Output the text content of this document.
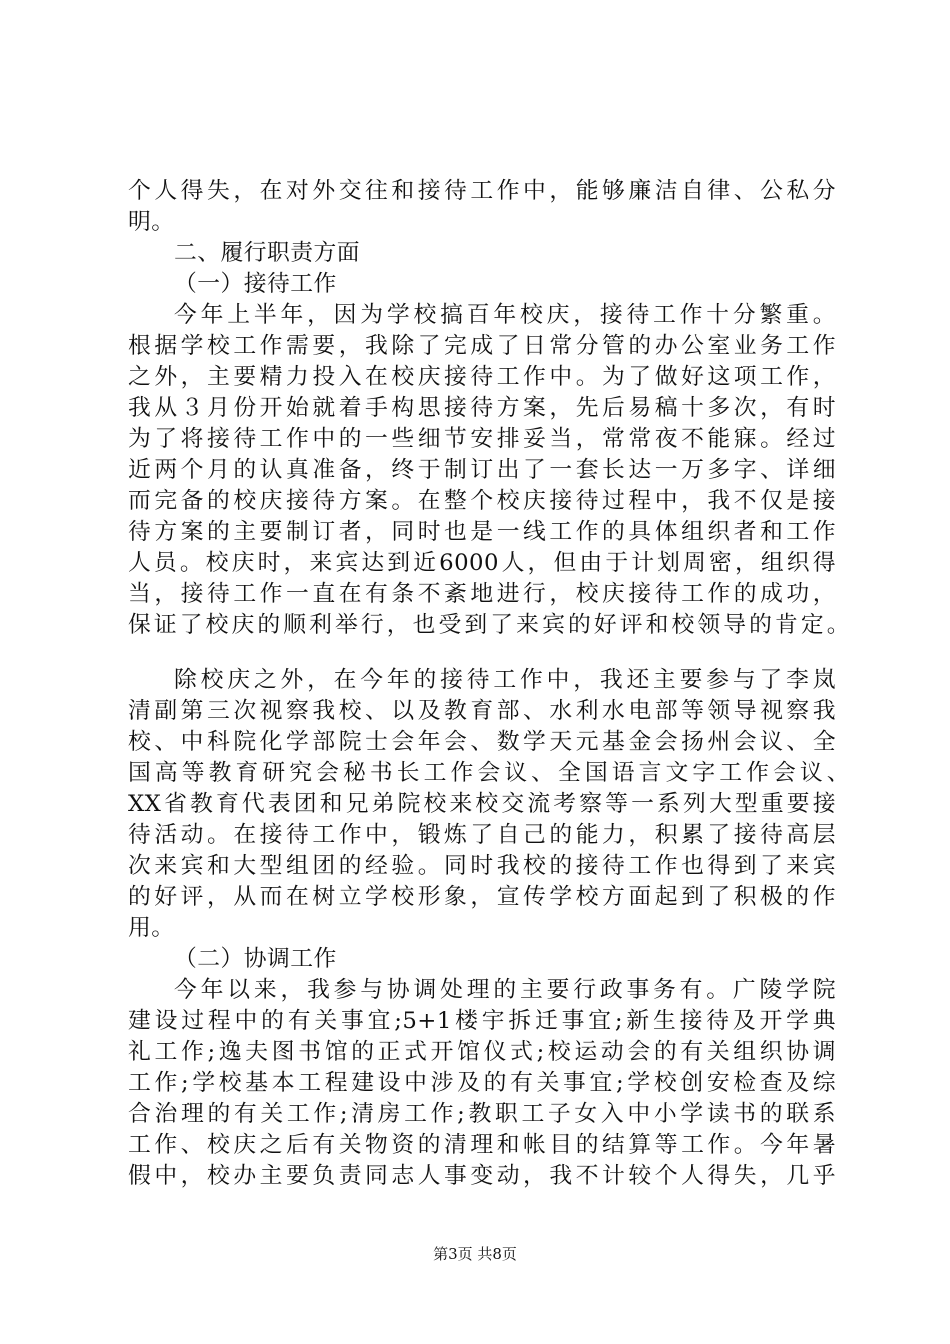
个人得失，在对外交往和接待工作中，能够廉洁自律、公私分
明。
二、履行职责方面
（一）接待工作
今年上半年，因为学校搞百年校庆，接待工作十分繁重。
根据学校工作需要，我除了完成了日常分管的办公室业务工作
之外，主要精力投入在校庆接待工作中。为了做好这项工作，
我从３月份开始就着手构思接待方案，先后易稿十多次，有时
为了将接待工作中的一些细节安排妥当，常常夜不能寐。经过
近两个月的认真准备，终于制订出了一套长达一万多字、详细
而完备的校庆接待方案。在整个校庆接待过程中，我不仅是接
待方案的主要制订者，同时也是一线工作的具体组织者和工作
人员。校庆时，来宾达到近6000人，但由于计划周密，组织得
当，接待工作一直在有条不紊地进行，校庆接待工作的成功，
保证了校庆的顺利举行，也受到了来宾的好评和校领导的肯定。
除校庆之外，在今年的接待工作中，我还主要参与了李岚
清副第三次视察我校、以及教育部、水利水电部等领导视察我
校、中科院化学部院士会年会、数学天元基金会扬州会议、全
国高等教育研究会秘书长工作会议、全国语言文字工作会议、
XX省教育代表团和兄弟院校来校交流考察等一系列大型重要接
待活动。在接待工作中，锻炼了自己的能力，积累了接待高层
次来宾和大型组团的经验。同时我校的接待工作也得到了来宾
的好评，从而在树立学校形象，宣传学校方面起到了积极的作
用。
（二）协调工作
今年以来，我参与协调处理的主要行政事务有。广陵学院
建设过程中的有关事宜;5+1楼宇拆迁事宜;新生接待及开学典
礼工作;逸夫图书馆的正式开馆仪式;校运动会的有关组织协调
工作;学校基本工程建设中涉及的有关事宜;学校创安检查及综
合治理的有关工作;清房工作;教职工子女入中小学读书的联系
工作、校庆之后有关物资的清理和帐目的结算等工作。今年暑
假中，校办主要负责同志人事变动，我不计较个人得失，几乎
第3页 共8页
